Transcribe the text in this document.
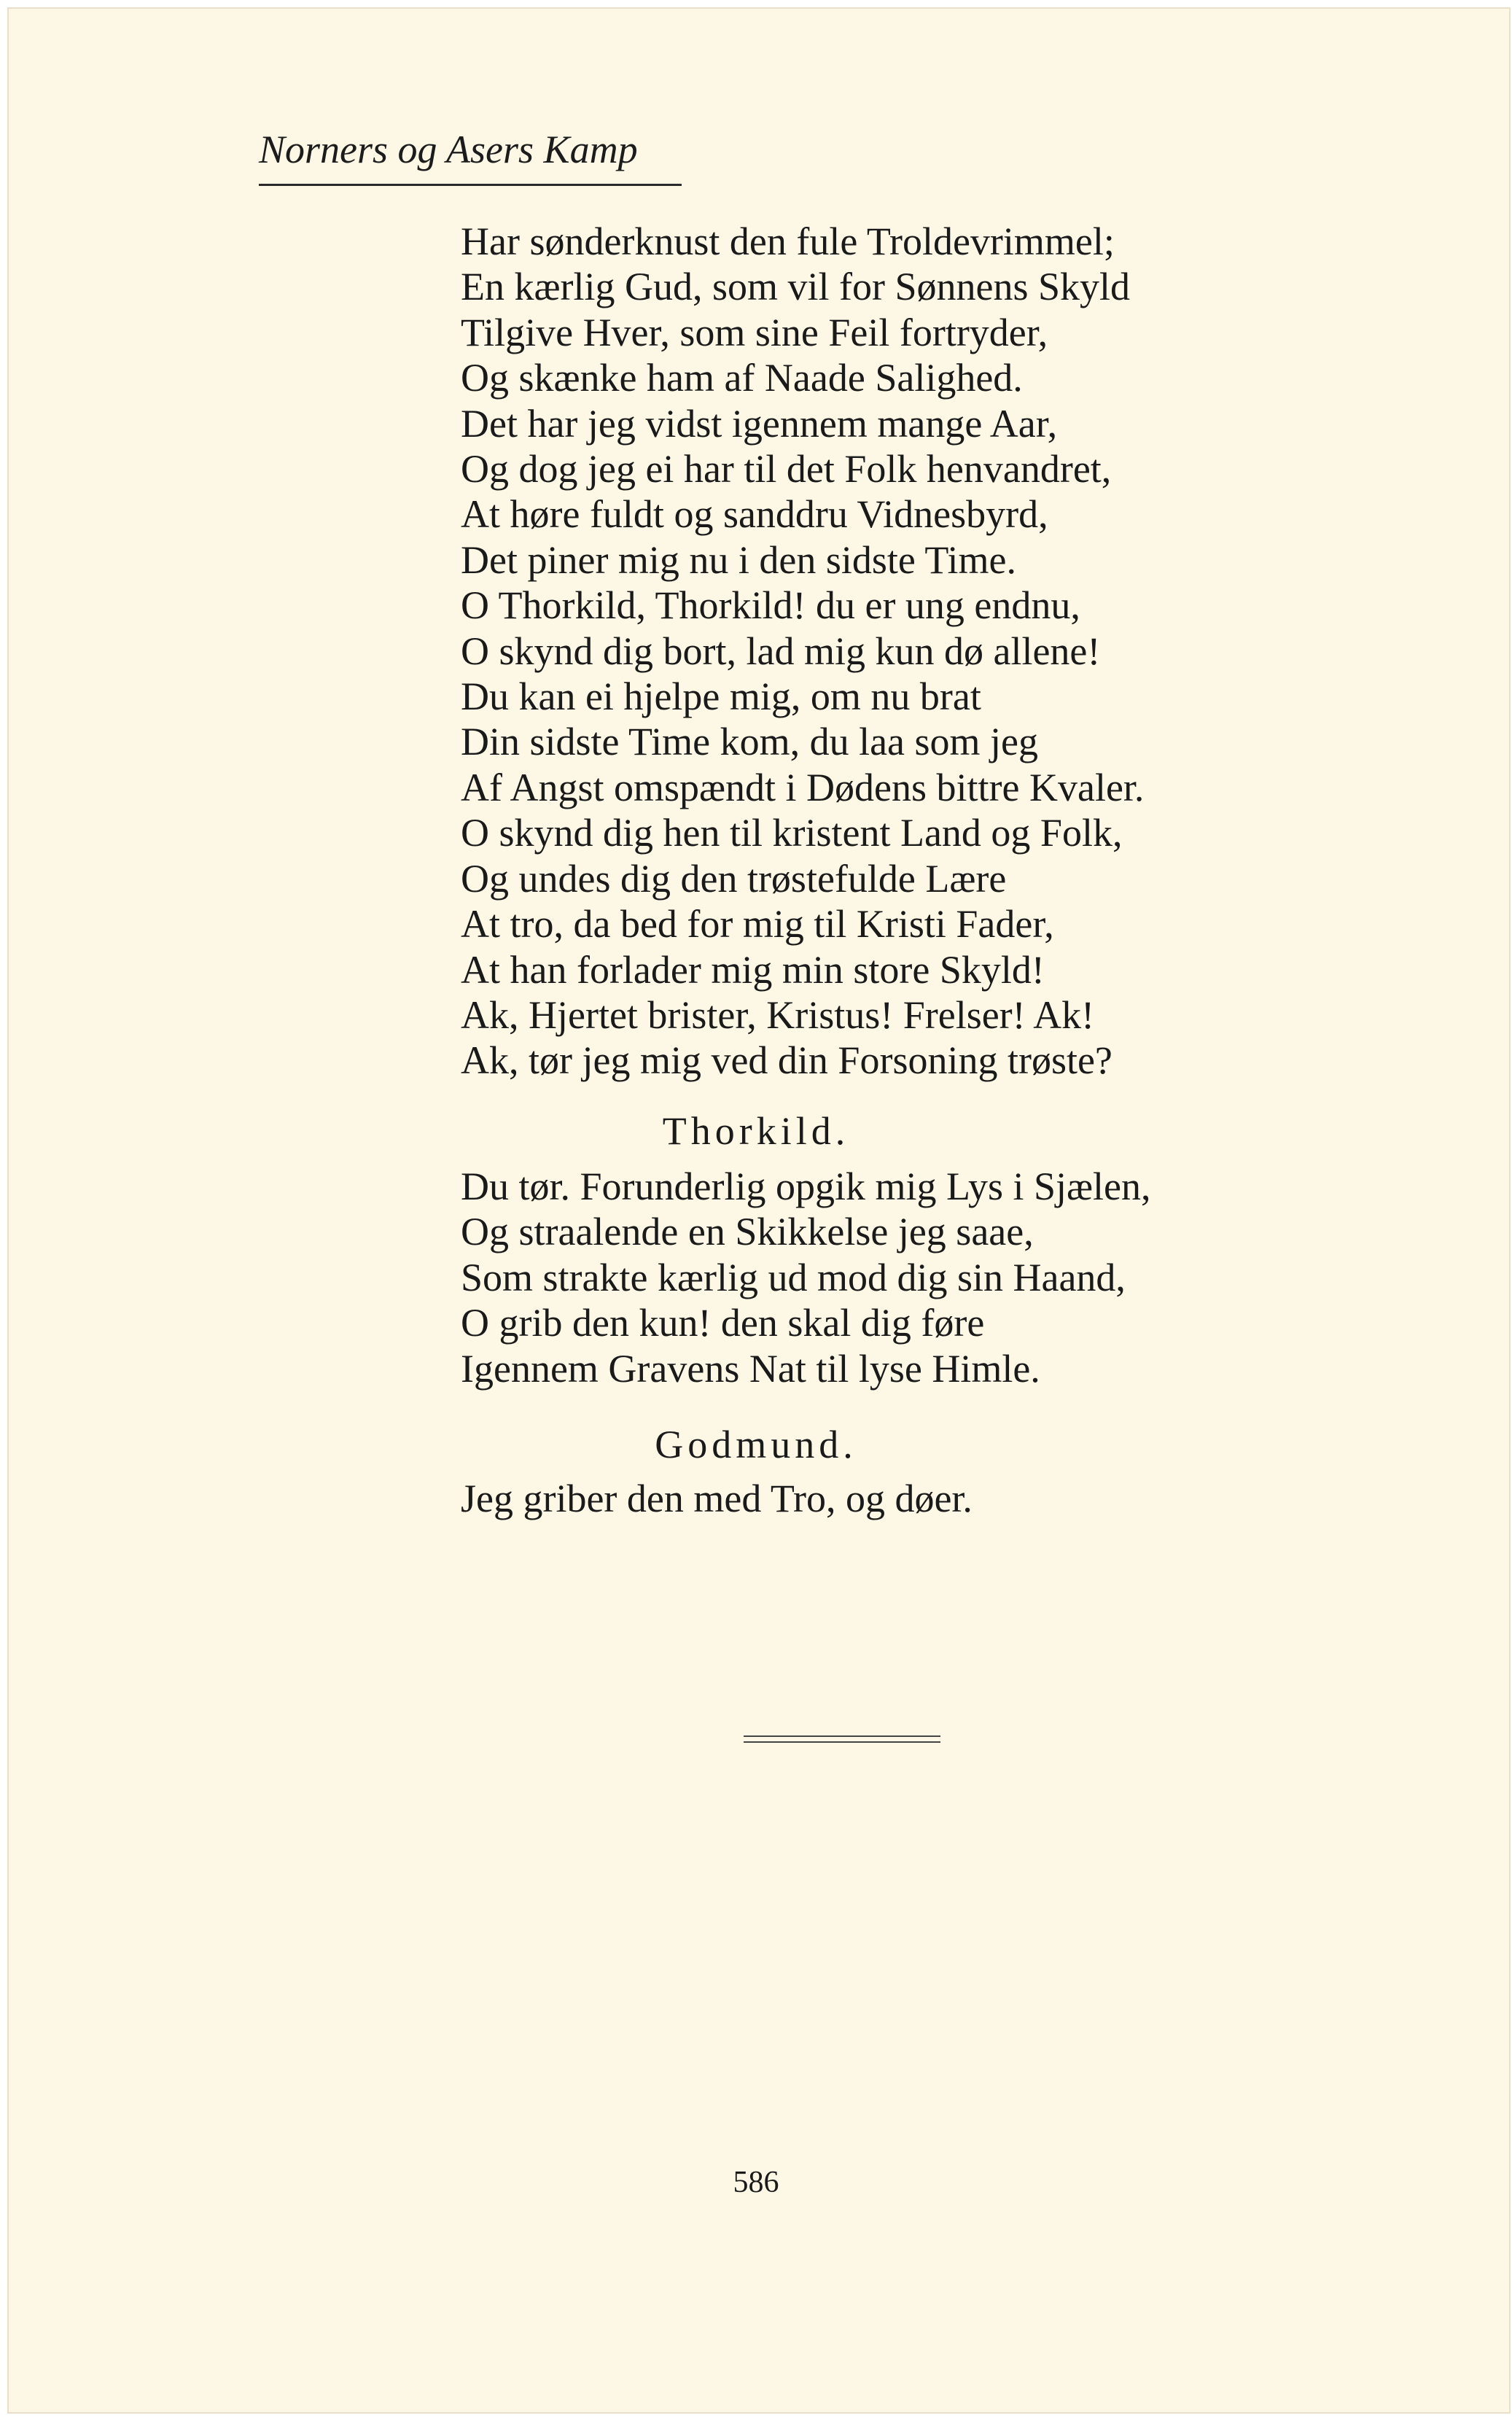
Norners og Asers Kamp
Har sønderknust den fule Troldevrimmel;
En kærlig Gud, som vil for Sønnens Skyld
Tilgive Hver, som sine Feil fortryder,
Og skænke ham af Naade Salighed.
Det har jeg vidst igennem mange Aar,
Og dog jeg ei har til det Folk henvandret,
At høre fuldt og sanddru Vidnesbyrd,
Det piner mig nu i den sidste Time.
O Thorkild, Thorkild! du er ung endnu,
O skynd dig bort, lad mig kun dø allene!
Du kan ei hjelpe mig, om nu brat
Din sidste Time kom, du laa som jeg
Af Angst omspændt i Dødens bittre Kvaler.
O skynd dig hen til kristent Land og Folk,
Og undes dig den trøstefulde Lære
At tro, da bed for mig til Kristi Fader,
At han forlader mig min store Skyld!
Ak, Hjertet brister, Kristus! Frelser! Ak!
Ak, tør jeg mig ved din Forsoning trøste?
Thorkild.
Du tør. Forunderlig opgik mig Lys i Sjælen,
Og straalende en Skikkelse jeg saae,
Som strakte kærlig ud mod dig sin Haand,
O grib den kun! den skal dig føre
Igennem Gravens Nat til lyse Himle.
Godmund.
Jeg griber den med Tro, og døer.
586
